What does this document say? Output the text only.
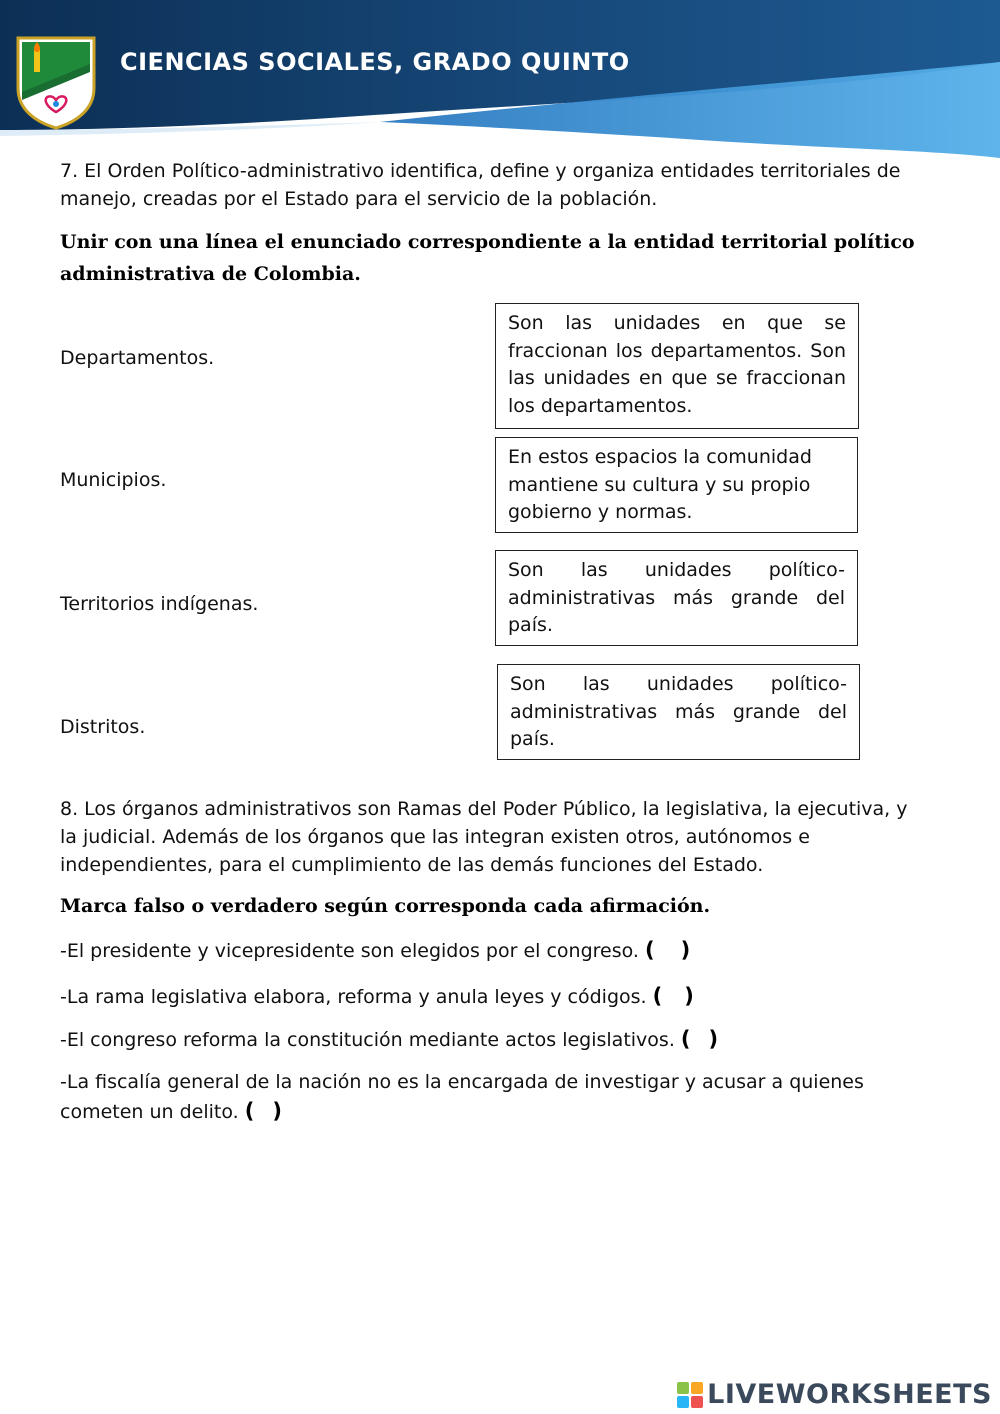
CIENCIAS SOCIALES, GRADO QUINTO

7. El Orden Político-administrativo identifica, define y organiza entidades territoriales de manejo, creadas por el Estado para el servicio de la población.

Unir con una línea el enunciado correspondiente a la entidad territorial político administrativa de Colombia.

Departamentos.

Municipios.

Territorios indígenas.

Distritos.

Son las unidades en que se fraccionan los departamentos. Son las unidades en que se fraccionan los departamentos.
En estos espacios la comunidad mantiene su cultura y su propio gobierno y normas.
Son las unidades político-administrativas más grande del país.
Son las unidades político-administrativas más grande del país.

8. Los órganos administrativos son Ramas del Poder Público, la legislativa, la ejecutiva, y la judicial. Además de los órganos que las integran existen otros, autónomos e independientes, para el cumplimiento de las demás funciones del Estado.

Marca falso o verdadero según corresponda cada afirmación.

-El presidente y vicepresidente son elegidos por el congreso. ( )

-La rama legislativa elabora, reforma y anula leyes y códigos. ( )

-El congreso reforma la constitución mediante actos legislativos. ( )

-La fiscalía general de la nación no es la encargada de investigar y acusar a quienes cometen un delito. ( )

LIVEWORKSHEETS
